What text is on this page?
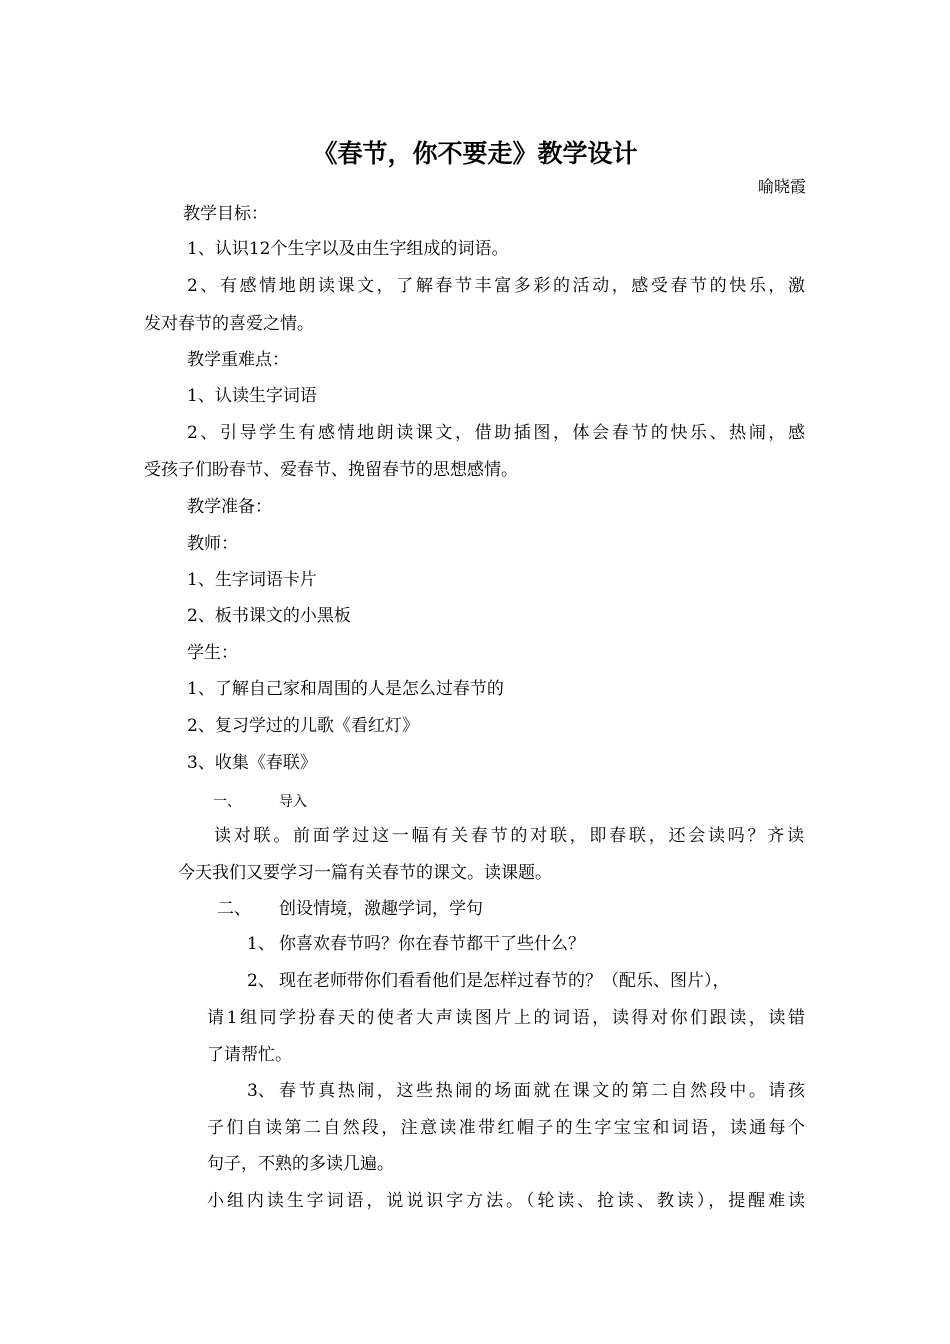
《春节，你不要走》教学设计
喻晓霞
教学目标：
1、认识12个生字以及由生字组成的词语。
2、有感情地朗读课文，了解春节丰富多彩的活动，感受春节的快乐，激
发对春节的喜爱之情。
教学重难点：
1、认读生字词语
2、引导学生有感情地朗读课文，借助插图，体会春节的快乐、热闹，感
受孩子们盼春节、爱春节、挽留春节的思想感情。
教学准备：
教师：
1、生字词语卡片
2、板书课文的小黑板
学生：
1、了解自己家和周围的人是怎么过春节的
2、复习学过的儿歌《看红灯》
3、收集《春联》
一、	导入
读对联。前面学过这一幅有关春节的对联，即春联，还会读吗？齐读
今天我们又要学习一篇有关春节的课文。读课题。
二、 创设情境，激趣学词，学句
1、 你喜欢春节吗？你在春节都干了些什么？
2、 现在老师带你们看看他们是怎样过春节的？（配乐、图片），
请1组同学扮春天的使者大声读图片上的词语，读得对你们跟读，读错
了请帮忙。
3、 春节真热闹，这些热闹的场面就在课文的第二自然段中。请孩
子们自读第二自然段，注意读准带红帽子的生字宝宝和词语，读通每个
句子，不熟的多读几遍。
小组内读生字词语，说说识字方法。（轮读、抢读、教读），提醒难读
